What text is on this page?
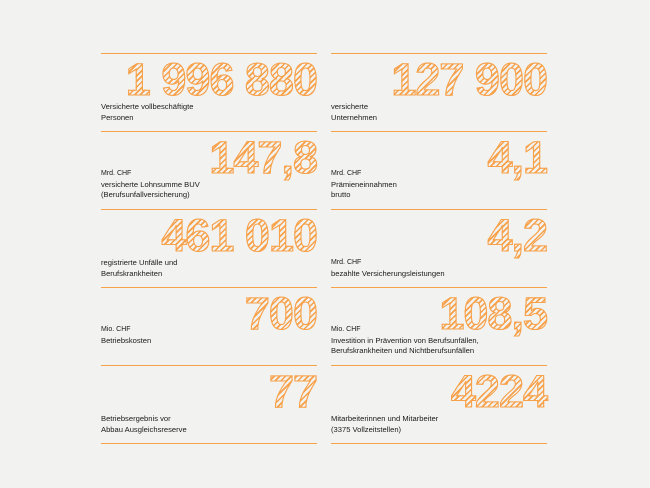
1 996 880
Versicherte vollbeschäftigte
Personen
147,8
Mrd. CHF
versicherte Lohnsumme BUV
(Berufsunfallversicherung)
461 010
registrierte Unfälle und
Berufskrankheiten
700
Mio. CHF
Betriebskosten
77
Betriebsergebnis vor
Abbau Ausgleichsreserve
127 900
versicherte
Unternehmen
4,1
Mrd. CHF
Prämieneinnahmen
brutto
4,2
Mrd. CHF
bezahlte Versicherungsleistungen
108,5
Mio. CHF
Investition in Prävention von Berufsunfällen,
Berufskrankheiten und Nichtberufsunfällen
4224
Mitarbeiterinnen und Mitarbeiter
(3375 Vollzeitstellen)
